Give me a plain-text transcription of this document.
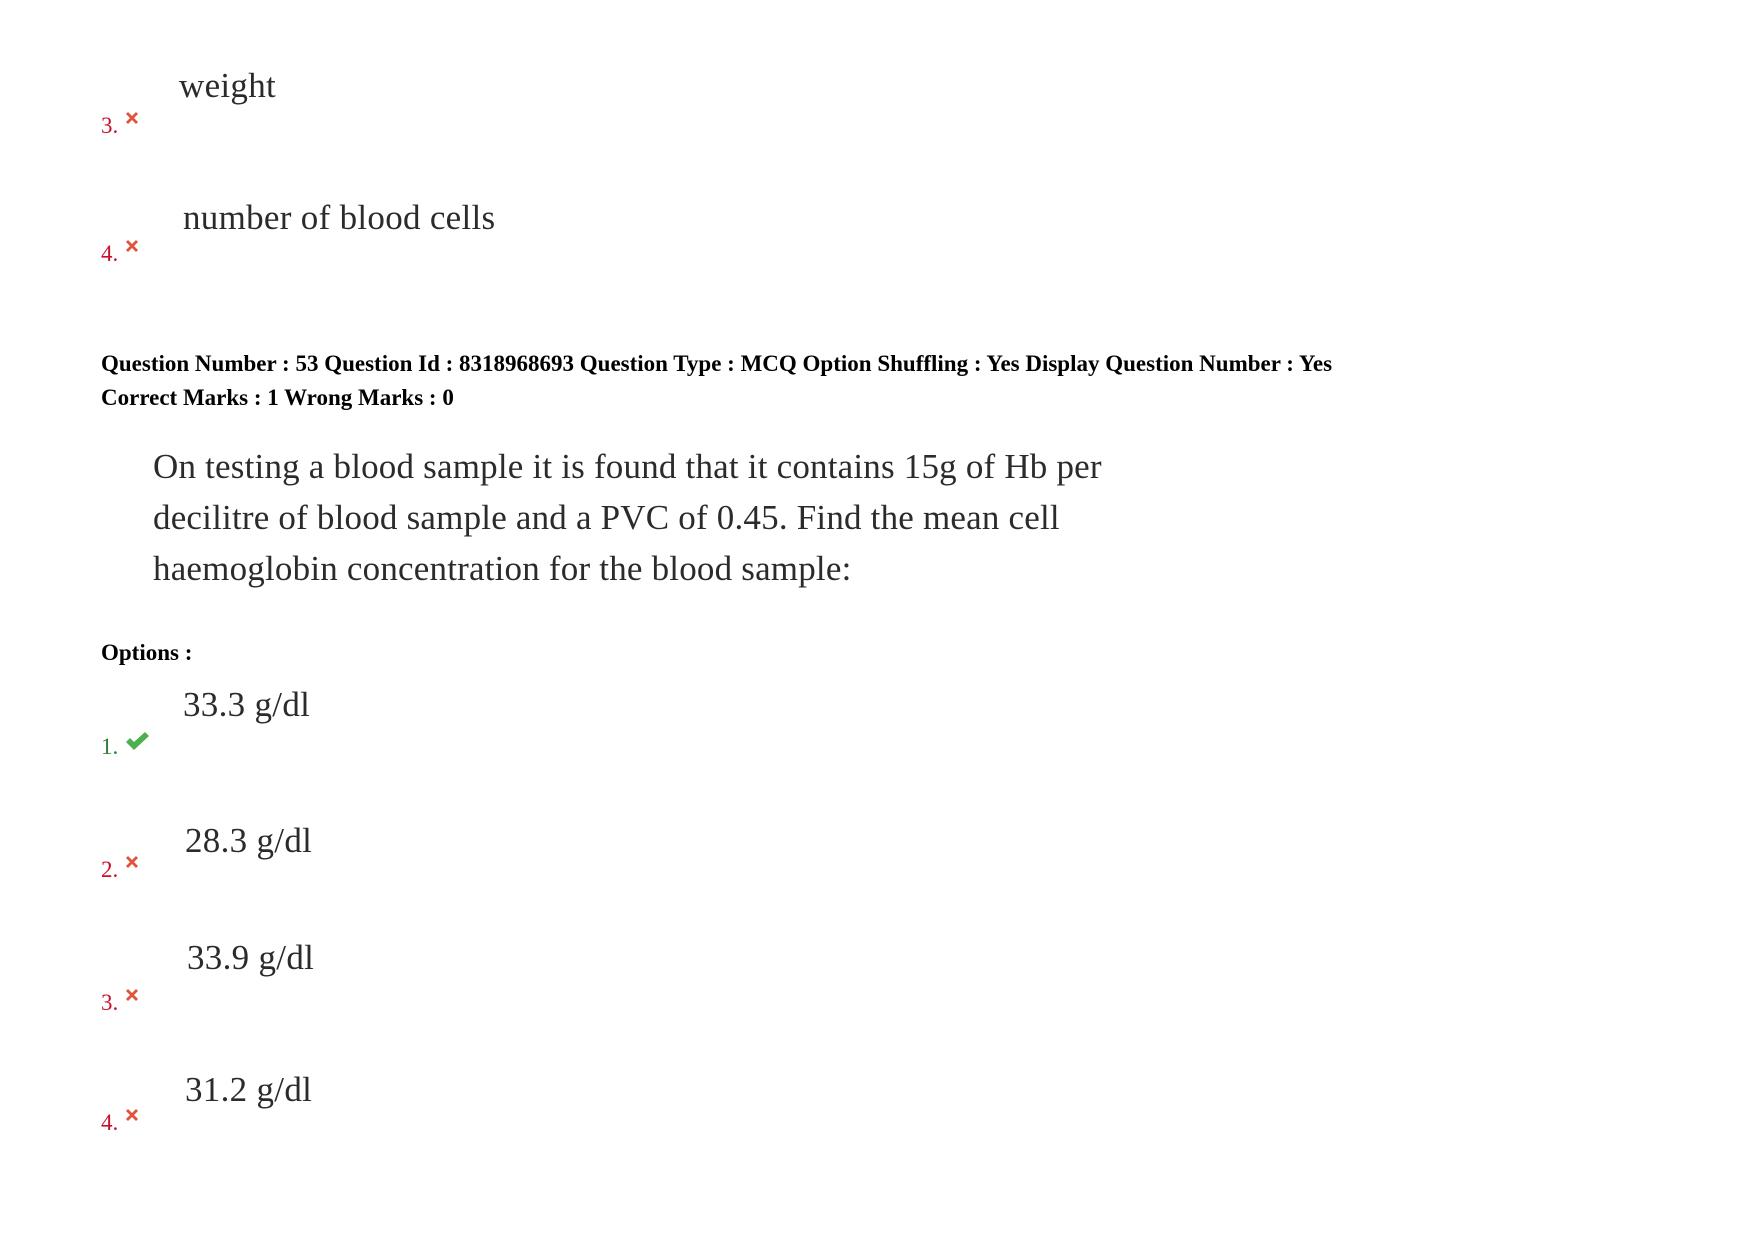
weight
3.
number of blood cells
4.
Question Number : 53 Question Id : 8318968693 Question Type : MCQ Option Shuffling : Yes Display Question Number : Yes
Correct Marks : 1 Wrong Marks : 0
On testing a blood sample it is found that it contains 15g of Hb per
decilitre of blood sample and a PVC of 0.45. Find the mean cell
haemoglobin concentration for the blood sample:
Options :
33.3 g/dl
1.
28.3 g/dl
2.
33.9 g/dl
3.
31.2 g/dl
4.
